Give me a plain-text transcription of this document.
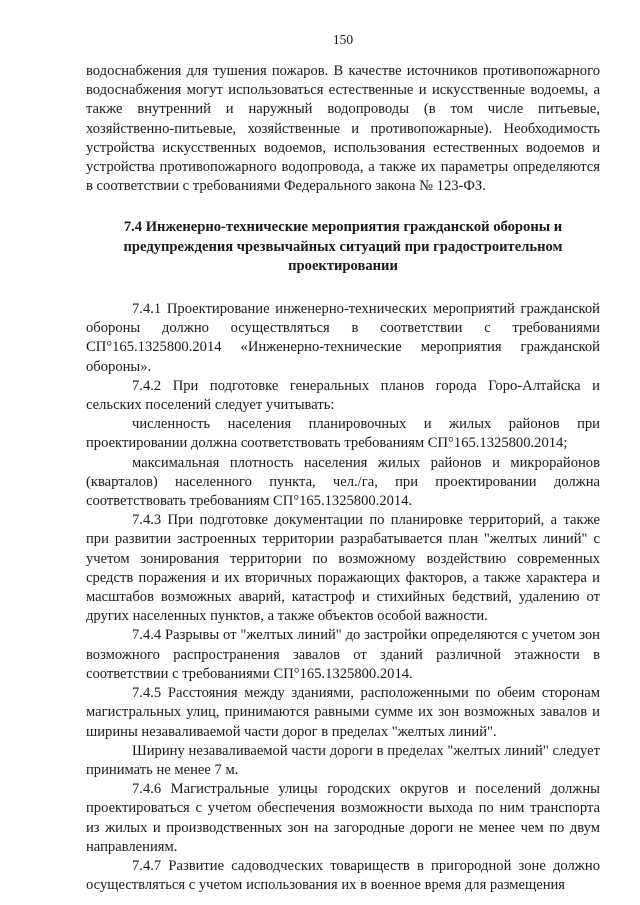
150

водоснабжения для тушения пожаров. В качестве источников противопожарного водоснабжения могут использоваться естественные и искусственные водоемы, а также внутренний и наружный водопроводы (в том числе питьевые, хозяйственно-питьевые, хозяйственные и противопожарные). Необходимость устройства искусственных водоемов, использования естественных водоемов и устройства противопожарного водопровода, а также их параметры определяются в соответствии с требованиями Федерального закона № 123-ФЗ.

7.4 Инженерно-технические мероприятия гражданской обороны и предупреждения чрезвычайных ситуаций при градостроительном проектировании

7.4.1 Проектирование инженерно-технических мероприятий гражданской обороны должно осуществляться в соответствии с требованиями СП°165.1325800.2014 «Инженерно-технические мероприятия гражданской обороны».

7.4.2 При подготовке генеральных планов города Горо-Алтайска и сельских поселений следует учитывать:

численность населения планировочных и жилых районов при проектировании должна соответствовать требованиям СП°165.1325800.2014;

максимальная плотность населения жилых районов и микрорайонов (кварталов) населенного пункта, чел./га, при проектировании должна соответствовать требованиям СП°165.1325800.2014.

7.4.3 При подготовке документации по планировке территорий, а также при развитии застроенных территории разрабатывается план "желтых линий" с учетом зонирования территории по возможному воздействию современных средств поражения и их вторичных поражающих факторов, а также характера и масштабов возможных аварий, катастроф и стихийных бедствий, удалению от других населенных пунктов, а также объектов особой важности.

7.4.4 Разрывы от "желтых линий" до застройки определяются с учетом зон возможного распространения завалов от зданий различной этажности в соответствии с требованиями СП°165.1325800.2014.

7.4.5 Расстояния между зданиями, расположенными по обеим сторонам магистральных улиц, принимаются равными сумме их зон возможных завалов и ширины незаваливаемой части дорог в пределах "желтых линий".

Ширину незаваливаемой части дороги в пределах "желтых линий" следует принимать не менее 7 м.

7.4.6 Магистральные улицы городских округов и поселений должны проектироваться с учетом обеспечения возможности выхода по ним транспорта из жилых и производственных зон на загородные дороги не менее чем по двум направлениям.

7.4.7 Развитие садоводческих товариществ в пригородной зоне должно осуществляться с учетом использования их в военное время для размещения
